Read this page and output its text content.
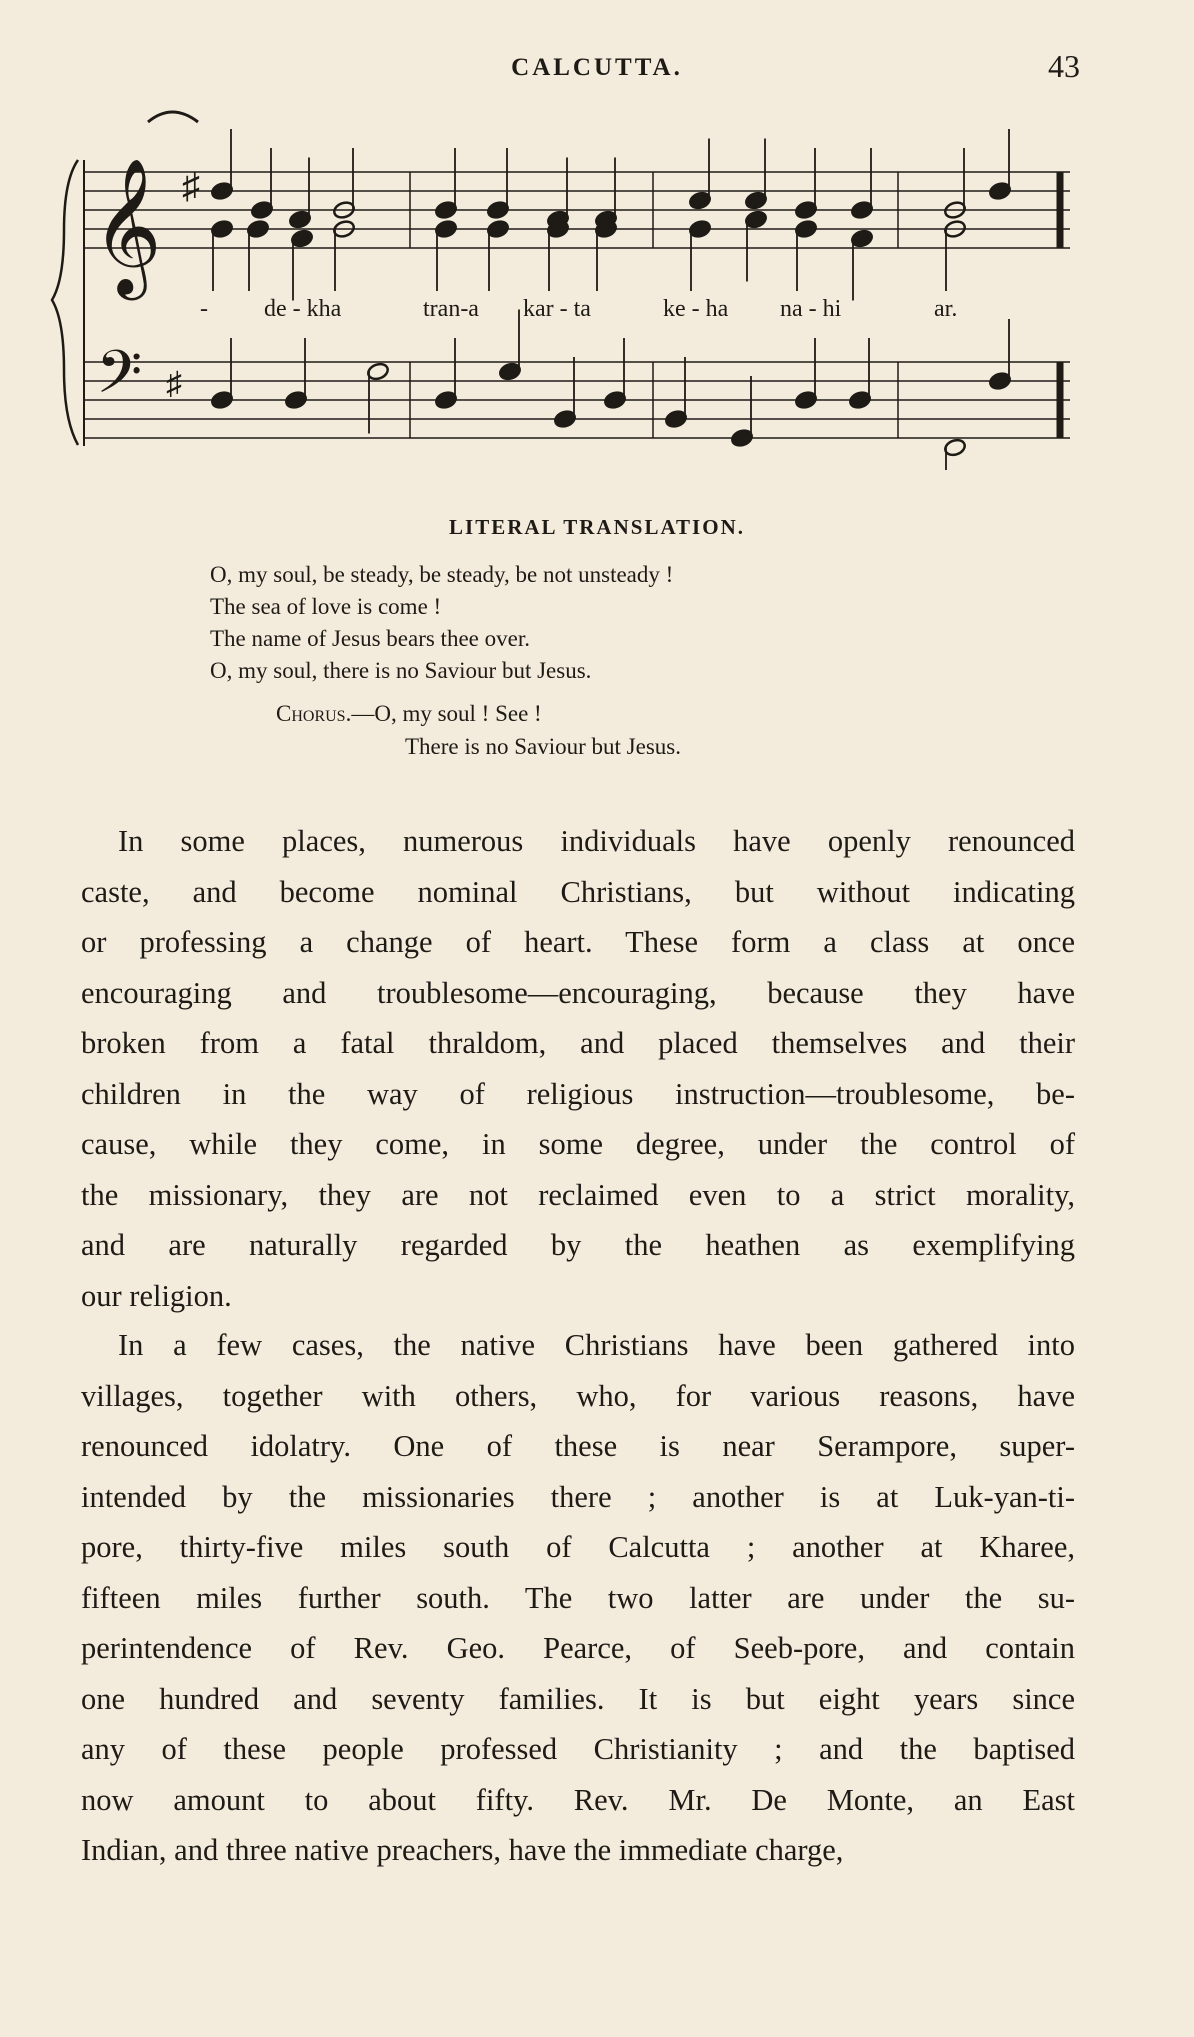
CALCUTTA.	43
𝄞
𝄢
♯
♯
- de - kha	tran-a kar - ta	ke - ha na - hi	ar.
LITERAL TRANSLATION.
O, my soul, be steady, be steady, be not unsteady !
The sea of love is come !
The name of Jesus bears thee over.
O, my soul, there is no Saviour but Jesus.
Chorus.—O, my soul ! See !
There is no Saviour but Jesus.
In some places, numerous individuals have openly renounced
caste, and become nominal Christians, but without indicating
or professing a change of heart. These form a class at once
encouraging and troublesome—encouraging, because they have
broken from a fatal thraldom, and placed themselves and their
children in the way of religious instruction—troublesome, be-
cause, while they come, in some degree, under the control of
the missionary, they are not reclaimed even to a strict morality,
and are naturally regarded by the heathen as exemplifying
our religion.
In a few cases, the native Christians have been gathered into
villages, together with others, who, for various reasons, have
renounced idolatry. One of these is near Serampore, super-
intended by the missionaries there ; another is at Luk-yan-ti-
pore, thirty-five miles south of Calcutta ; another at Kharee,
fifteen miles further south. The two latter are under the su-
perintendence of Rev. Geo. Pearce, of Seeb-pore, and contain
one hundred and seventy families. It is but eight years since
any of these people professed Christianity ; and the baptised
now amount to about fifty. Rev. Mr. De Monte, an East
Indian, and three native preachers, have the immediate charge,
